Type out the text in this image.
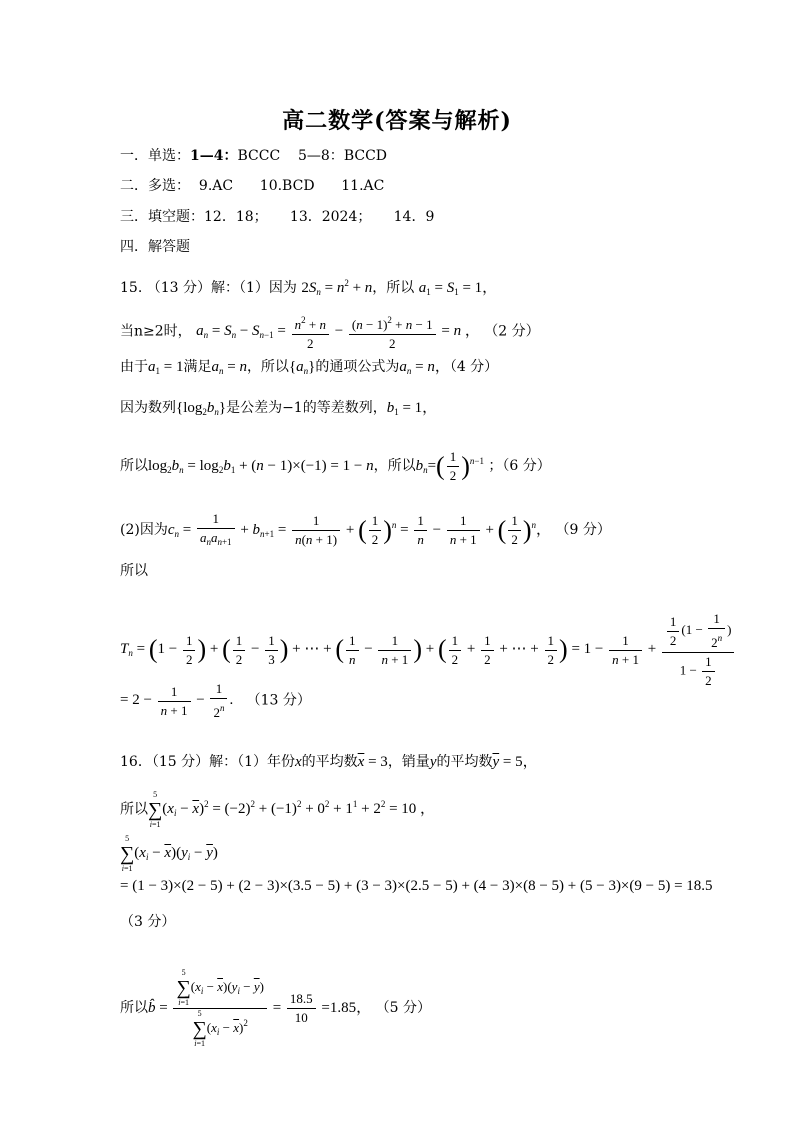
高二数学(答案与解析)
一．单选：1—4：BCCC 5—8：BCCD
二．多选： 9.AC 10.BCD 11.AC
三．填空题：12．18； 13．2024； 14．9
四．解答题
15. （13 分）解：（1）因为 $2S_n = n^2 + n$，所以 $a_1 = S_1 = 1$，
当n≥2时， $a_n = S_n - S_{n-1} = \frac{n^2 + n}{2} - \frac{(n - 1)^2 + n - 1}{2} = n$ ， （2 分）
由于$a_1 = 1$满足$a_n = n$，所以$\{a_n\}$的通项公式为$a_n = n$，（4 分）
因为数列$\{\log_2b_n\}$是公差为−1的等差数列，$b_1 = 1$，
所以$\log_2b_n = \log_2b_1 + (n - 1)\times(-1) = 1 - n$，所以$b_n=( \frac{1}{2} )^{n-1}$ ；（6 分）
(2)因为$c_n = \frac{1}{a_na_{n+1}} + b_{n+1} = \frac{1}{n(n + 1)}$ + ( $\frac{1}{2} )^n = \frac{1}{n} - \frac{1}{n + 1}$ + ( $\frac{1}{2} )^n$， （9 分）
所以
$T_n = (1 - \frac{1}{2}$ ) + ( $\frac{1}{2} - \frac{1}{3}$ ) + ⋯ + ( $\frac{1}{n} - \frac{1}{n + 1}$ ) + ( $\frac{1}{2} + \frac{1}{2}$ + ⋯ + $\frac{1}{2}$ ) = $1 - \frac{1}{n + 1} + \frac{\frac{1}{2} (1 - \frac{1}{2^n} )}{1 - \frac{1}{2}}$
= $2 - \frac{1}{n + 1} - \frac{1}{2^n}$ . （13 分）
16．（15 分）解：（1）年份x的平均数$\overline{x} = 3$，销量y的平均数$\overline{y} = 5$，
所以
5
∑
i=1
$(x_i - \overline{x})^2 = (-2)^2 + (-1)^2 + 0^2 + 1^1 + 2^2 = 10$ ，
5
∑
i=1
$(x_i - \overline{x})(y_i - \overline{y})$
= (1 − 3)×(2 − 5) + (2 − 3)×(3.5 − 5) + (3 − 3)×(2.5 − 5) + (4 − 3)×(8 − 5) + (5 − 3)×(9 − 5) = 18.5
（3 分）
所以b̂ = 5
∑
i=1
$(x_i - \overline{x})(y_i - \overline{y})$
5
∑
i=1
$(x_i - \overline{x})^2 = \frac{18.5}{10} =1.85$， （5 分）
